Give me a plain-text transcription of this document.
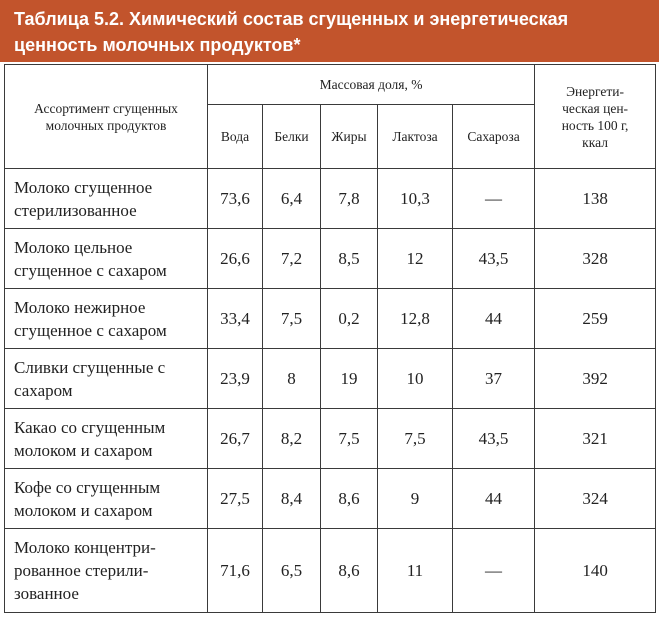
Таблица 5.2. Химический состав сгущенных и энергетическая
ценность молочных продуктов*
Ассортимент сгущенных молочных продуктов	Массовая доля, %					Энергети-ческая цен-ность 100 г, ккал
	Вода	Белки	Жиры	Лактоза	Сахароза	
Молоко сгущенное стерилизованное	73,6	6,4	7,8	10,3	—	138
Молоко цельное сгущенное с сахаром	26,6	7,2	8,5	12	43,5	328
Молоко нежирное сгущенное с сахаром	33,4	7,5	0,2	12,8	44	259
Сливки сгущенные с сахаром	23,9	8	19	10	37	392
Какао со сгущенным молоком и сахаром	26,7	8,2	7,5	7,5	43,5	321
Кофе со сгущенным молоком и сахаром	27,5	8,4	8,6	9	44	324
Молоко концентри-рованное стерили-зованное	71,6	6,5	8,6	11	—	140
